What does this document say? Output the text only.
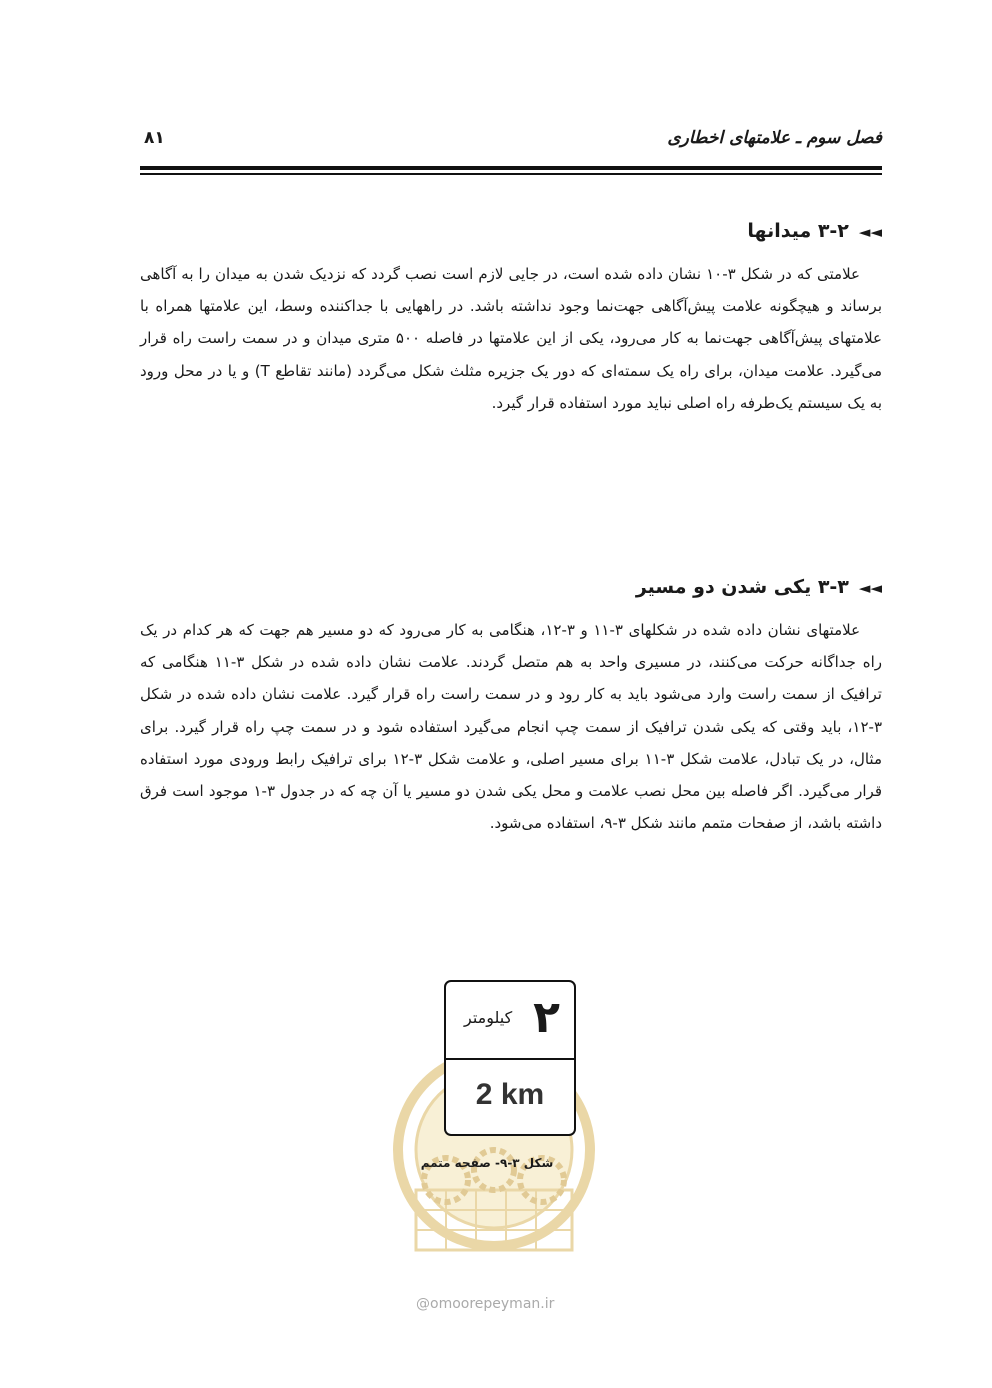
فصل سوم ـ علامتهای اخطاری
۸۱
◄◄۳-۲ میدانها

علامتی که در شکل ۳-۱۰ نشان داده شده است، در جایی لازم است نصب گردد که نزدیک شدن به میدان را به آگاهی برساند و هیچگونه علامت پیش‌آگاهی جهت‌نما وجود نداشته باشد. در راههایی با جداکننده وسط، این علامتها همراه با علامتهای پیش‌آگاهی جهت‌نما به کار می‌رود، یکی از این علامتها در فاصله ۵۰۰ متری میدان و در سمت راست راه قرار می‌گیرد. علامت میدان، برای راه یک سمته‌ای که دور یک جزیره مثلث شکل می‌گردد (مانند تقاطع T) و یا در محل ورود به یک سیستم یک‌طرفه راه اصلی نباید مورد استفاده قرار گیرد.

◄◄۳-۳ یکی شدن دو مسیر

علامتهای نشان داده شده در شکلهای ۳-۱۱ و ۳-۱۲، هنگامی به کار می‌رود که دو مسیر هم جهت که هر کدام در یک راه جداگانه حرکت می‌کنند، در مسیری واحد به هم متصل گردند. علامت نشان داده شده در شکل ۳-۱۱ هنگامی که ترافیک از سمت راست وارد می‌شود باید به کار رود و در سمت راست راه قرار گیرد. علامت نشان داده شده در شکل ۳-۱۲، باید وقتی که یکی شدن ترافیک از سمت چپ انجام می‌گیرد استفاده شود و در سمت چپ راه قرار گیرد. برای مثال، در یک تبادل، علامت شکل ۳-۱۱ برای مسیر اصلی، و علامت شکل ۳-۱۲ برای ترافیک رابط ورودی مورد استفاده قرار می‌گیرد. اگر فاصله بین محل نصب علامت و محل یکی شدن دو مسیر یا آن چه که در جدول ۳-۱ موجود است فرق داشته باشد، از صفحات متمم مانند شکل ۳-۹، استفاده می‌شود.

۲
کیلومتر
2 km
شکل ۳-۹- صفحه متمم
@omoorepeyman.ir
